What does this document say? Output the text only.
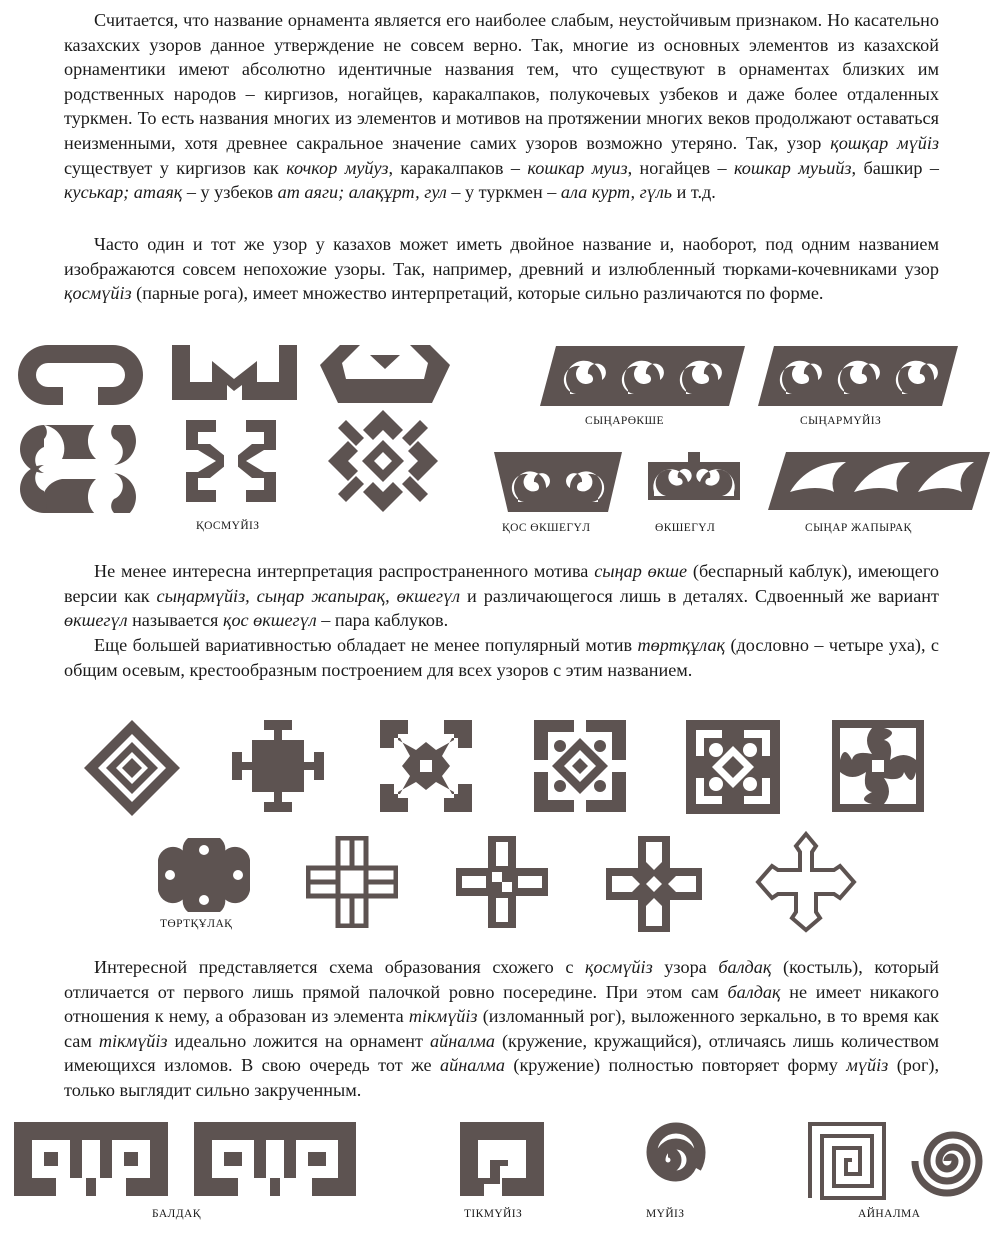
Считается, что название орнамента является его наиболее слабым, неустойчивым признаком. Но касательно казахских узоров данное утверждение не совсем верно. Так, многие из основных элементов из казахской орнаментики имеют абсолютно идентичные названия тем, что существуют в орнаментах близких им родственных народов – киргизов, ногайцев, каракалпаков, полукочевых узбеков и даже более отдаленных туркмен. То есть названия многих из элементов и мотивов на протяжении многих веков продолжают оставаться неизменными, хотя древнее сакральное значение самих узоров возможно утеряно. Так, узор қошқар мүйіз существует у киргизов как кочкор муйуз, каракалпаков – кошкар муиз, ногайцев – кошкар муьийз, башкир – куськар; атаяқ – у узбеков ат аяги; алақұрт, гул – у туркмен – ала курт, гүль и т.д.

Часто один и тот же узор у казахов может иметь двойное название и, наоборот, под одним названием изображаются совсем непохожие узоры. Так, например, древний и излюбленный тюрками-кочевниками узор қосмүйіз (парные рога), имеет множество интерпретаций, которые сильно различаются по форме.

Не менее интересна интерпретация распространенного мотива сыңар өкше (беспарный каблук), имеющего версии как сыңармүйіз, сыңар жапырақ, өкшегүл и различающегося лишь в деталях. Сдвоенный же вариант өкшегүл называется қос өкшегүл – пара каблуков.

Еще большей вариативностью обладает не менее популярный мотив төртқұлақ (дословно – четыре уха), с общим осевым, крестообразным построением для всех узоров с этим названием.

Интересной представляется схема образования схожего с қосмүйіз узора балдақ (костыль), который отличается от первого лишь прямой палочкой ровно посередине. При этом сам балдақ не имеет никакого отношения к нему, а образован из элемента тікмүйіз (изломанный рог), выложенного зеркально, в то время как сам тікмүйіз идеально ложится на орнамент айналма (кружение, кружащийся), отличаясь лишь количеством имеющихся изломов. В свою очередь тот же айналма (кружение) полностью повторяет форму мүйіз (рог), только выглядит сильно закрученным.

ҚОСМҮЙІЗ
СЫҢАРӨКШЕ	СЫҢАРМҮЙІЗ
ҚОС ӨКШЕГҮЛ	ӨКШЕГҮЛ	СЫҢАР ЖАПЫРАҚ
ТӨРТҚҰЛАҚ
БАЛДАҚ	ТІКМҮЙІЗ	МҮЙІЗ	АЙНАЛМА
